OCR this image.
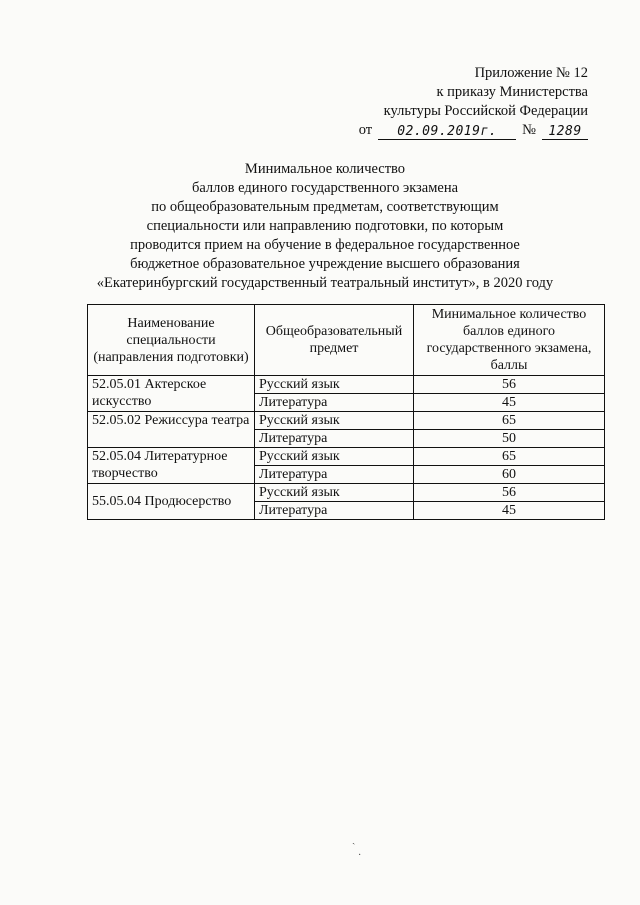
Приложение № 12
к приказу Министерства
культуры Российской Федерации
от	02.09.2019г.	№ 1289
Минимальное количество
баллов единого государственного экзамена
по общеобразовательным предметам, соответствующим
специальности или направлению подготовки, по которым
проводится прием на обучение в федеральное государственное
бюджетное образовательное учреждение высшего образования
«Екатеринбургский государственный театральный институт», в 2020 году
Наименование специальности (направления подготовки)	Общеобразовательный предмет	Минимальное количество баллов единого государственного экзамена, баллы
52.05.01 Актерское искусство	Русский язык	56
	Литература	45
52.05.02 Режиссура театра	Русский язык	65
	Литература	50
52.05.04 Литературное творчество	Русский язык	65
	Литература	60
55.05.04 Продюсерство	Русский язык	56
	Литература	45
ˎ
·
